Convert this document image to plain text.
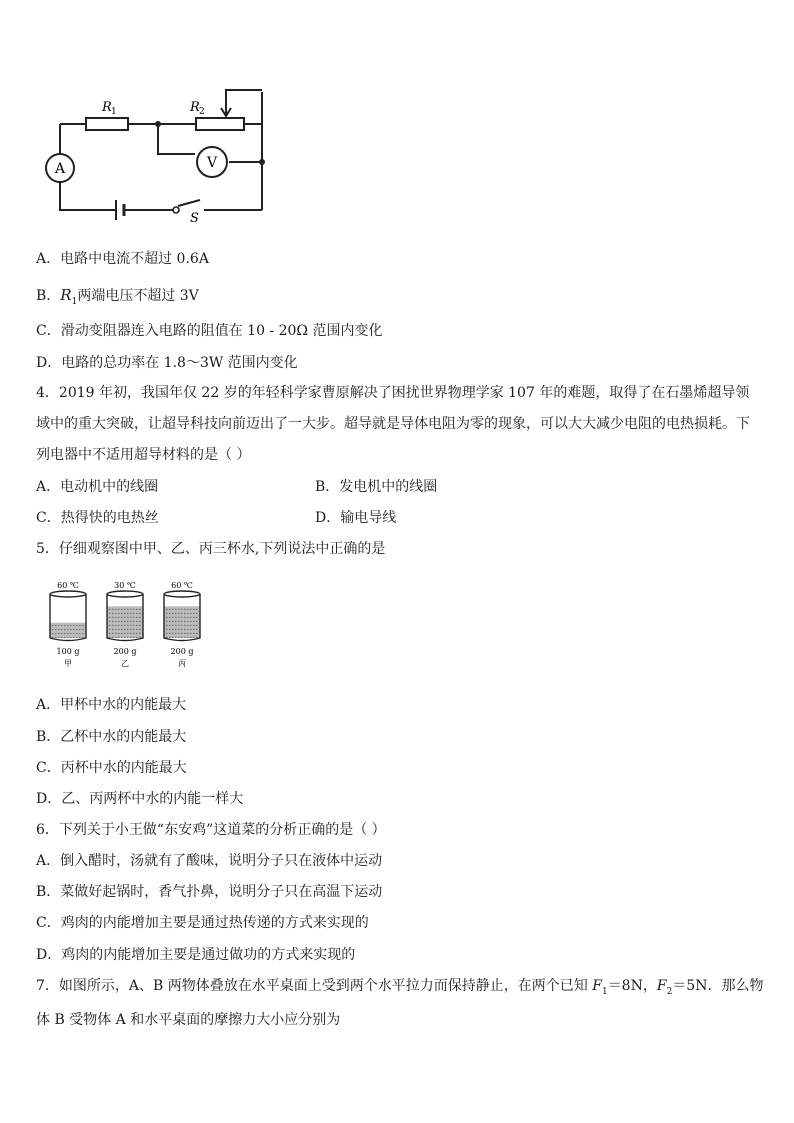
A	V
R 1	R 2
S
A．电路中电流不超过 0.6A
B．$R_1$两端电压不超过 3V
C．滑动变阻器连入电路的阻值在 10 - 20Ω 范围内变化
D．电路的总功率在 1.8～3W 范围内变化
4．2019 年初，我国年仅 22 岁的年轻科学家曹原解决了困扰世界物理学家 107 年的难题，取得了在石墨烯超导领域中的重大突破，让超导科技向前迈出了一大步。超导就是导体电阻为零的现象，可以大大减少电阻的电热损耗。下列电器中不适用超导材料的是（ ）
A．电动机中的线圈	B．发电机中的线圈
C．热得快的电热丝	D．输电导线
5．仔细观察图中甲、乙、丙三杯水,下列说法中正确的是
60 ℃
100 g
甲
30 ℃
200 g
乙
60 ℃
200 g
丙
A．甲杯中水的内能最大
B．乙杯中水的内能最大
C．丙杯中水的内能最大
D．乙、丙两杯中水的内能一样大
6．下列关于小王做“东安鸡”这道菜的分析正确的是（ ）
A．倒入醋时，汤就有了酸味，说明分子只在液体中运动
B．菜做好起锅时，香气扑鼻，说明分子只在高温下运动
C．鸡肉的内能增加主要是通过热传递的方式来实现的
D．鸡肉的内能增加主要是通过做功的方式来实现的
7．如图所示，A、B 两物体叠放在水平桌面上受到两个水平拉力而保持静止，在两个已知 $F_1=8N$，$F_2=5N$．那么物
体 B 受物体 A 和水平桌面的摩擦力大小应分别为
